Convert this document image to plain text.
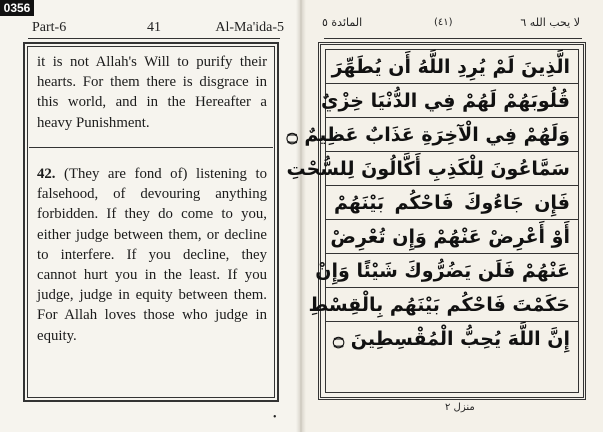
0356
Part-6	41	Al-Ma'ida-5
it is not Allah's Will to purify their hearts. For them there is disgrace in this world, and in the Hereafter a heavy Punishment.
42. (They are fond of) listening to falsehood, of devouring anything forbidden. If they do come to you, either judge between them, or decline to interfere. If you decline, they cannot hurt you in the least. If you judge, judge in equity between them. For Allah loves those who judge in equity.
•
لا يحب الله ٦
(٤١)
المائدة ٥
الَّذِينَ لَمْ يُرِدِ اللَّهُ أَن يُطَهِّرَ
قُلُوبَهُمْ لَهُمْ فِي الدُّنْيَا خِزْيٌ
وَلَهُمْ فِي الْآخِرَةِ عَذَابٌ عَظِيمٌ ۝
سَمَّاعُونَ لِلْكَذِبِ أَكَّالُونَ لِلسُّحْتِ
فَإِن جَاءُوكَ فَاحْكُم بَيْنَهُمْ
أَوْ أَعْرِضْ عَنْهُمْ وَإِن تُعْرِضْ
عَنْهُمْ فَلَن يَضُرُّوكَ شَيْئًا وَإِنْ
حَكَمْتَ فَاحْكُم بَيْنَهُم بِالْقِسْطِ
إِنَّ اللَّهَ يُحِبُّ الْمُقْسِطِينَ ۝
منزل ٢
